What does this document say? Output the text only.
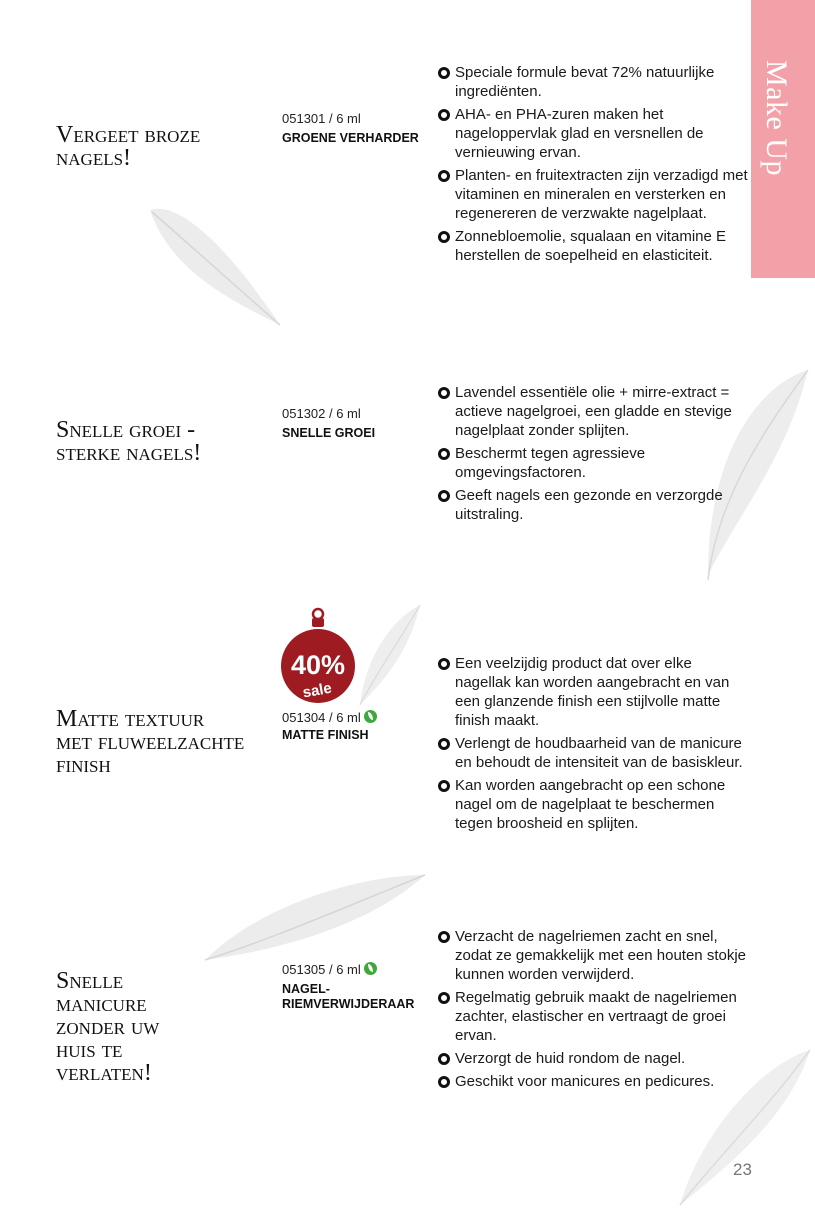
Make Up
Vergeet broze nagels!
051301 / 6 ml
GROENE VERHARDER
Speciale formule bevat 72% natuurlijke ingrediënten.
AHA- en PHA-zuren maken het nageloppervlak glad en versnellen de vernieuwing ervan.
Planten- en fruitextracten zijn verzadigd met vitaminen en mineralen en versterken en regenereren de verzwakte nagelplaat.
Zonnebloemolie, squalaan en vitamine E herstellen de soepelheid en elasticiteit.
Snelle groei - sterke nagels!
051302 / 6 ml
SNELLE GROEI
Lavendel essentiële olie + mirre-extract = actieve nagelgroei, een gladde en stevige nagelplaat zonder splijten.
Beschermt tegen agressieve omgevingsfactoren.
Geeft nagels een gezonde en verzorgde uitstraling.
40%
sale
Matte textuur met fluweelzachte finish
051304 / 6 ml
MATTE FINISH
Een veelzijdig product dat over elke nagellak kan worden aangebracht en van een glanzende finish een stijlvolle matte finish maakt.
Verlengt de houdbaarheid van de manicure en behoudt de intensiteit van de basiskleur.
Kan worden aangebracht op een schone nagel om de nagelplaat te beschermen tegen broosheid en splijten.
Snelle manicure zonder uw huis te verlaten!
051305 / 6 ml
NAGEL-RIEMVERWIJDERAAR
Verzacht de nagelriemen zacht en snel, zodat ze gemakkelijk met een houten stokje kunnen worden verwijderd.
Regelmatig gebruik maakt de nagelriemen zachter, elastischer en vertraagt de groei ervan.
Verzorgt de huid rondom de nagel.
Geschikt voor manicures en pedicures.
23
